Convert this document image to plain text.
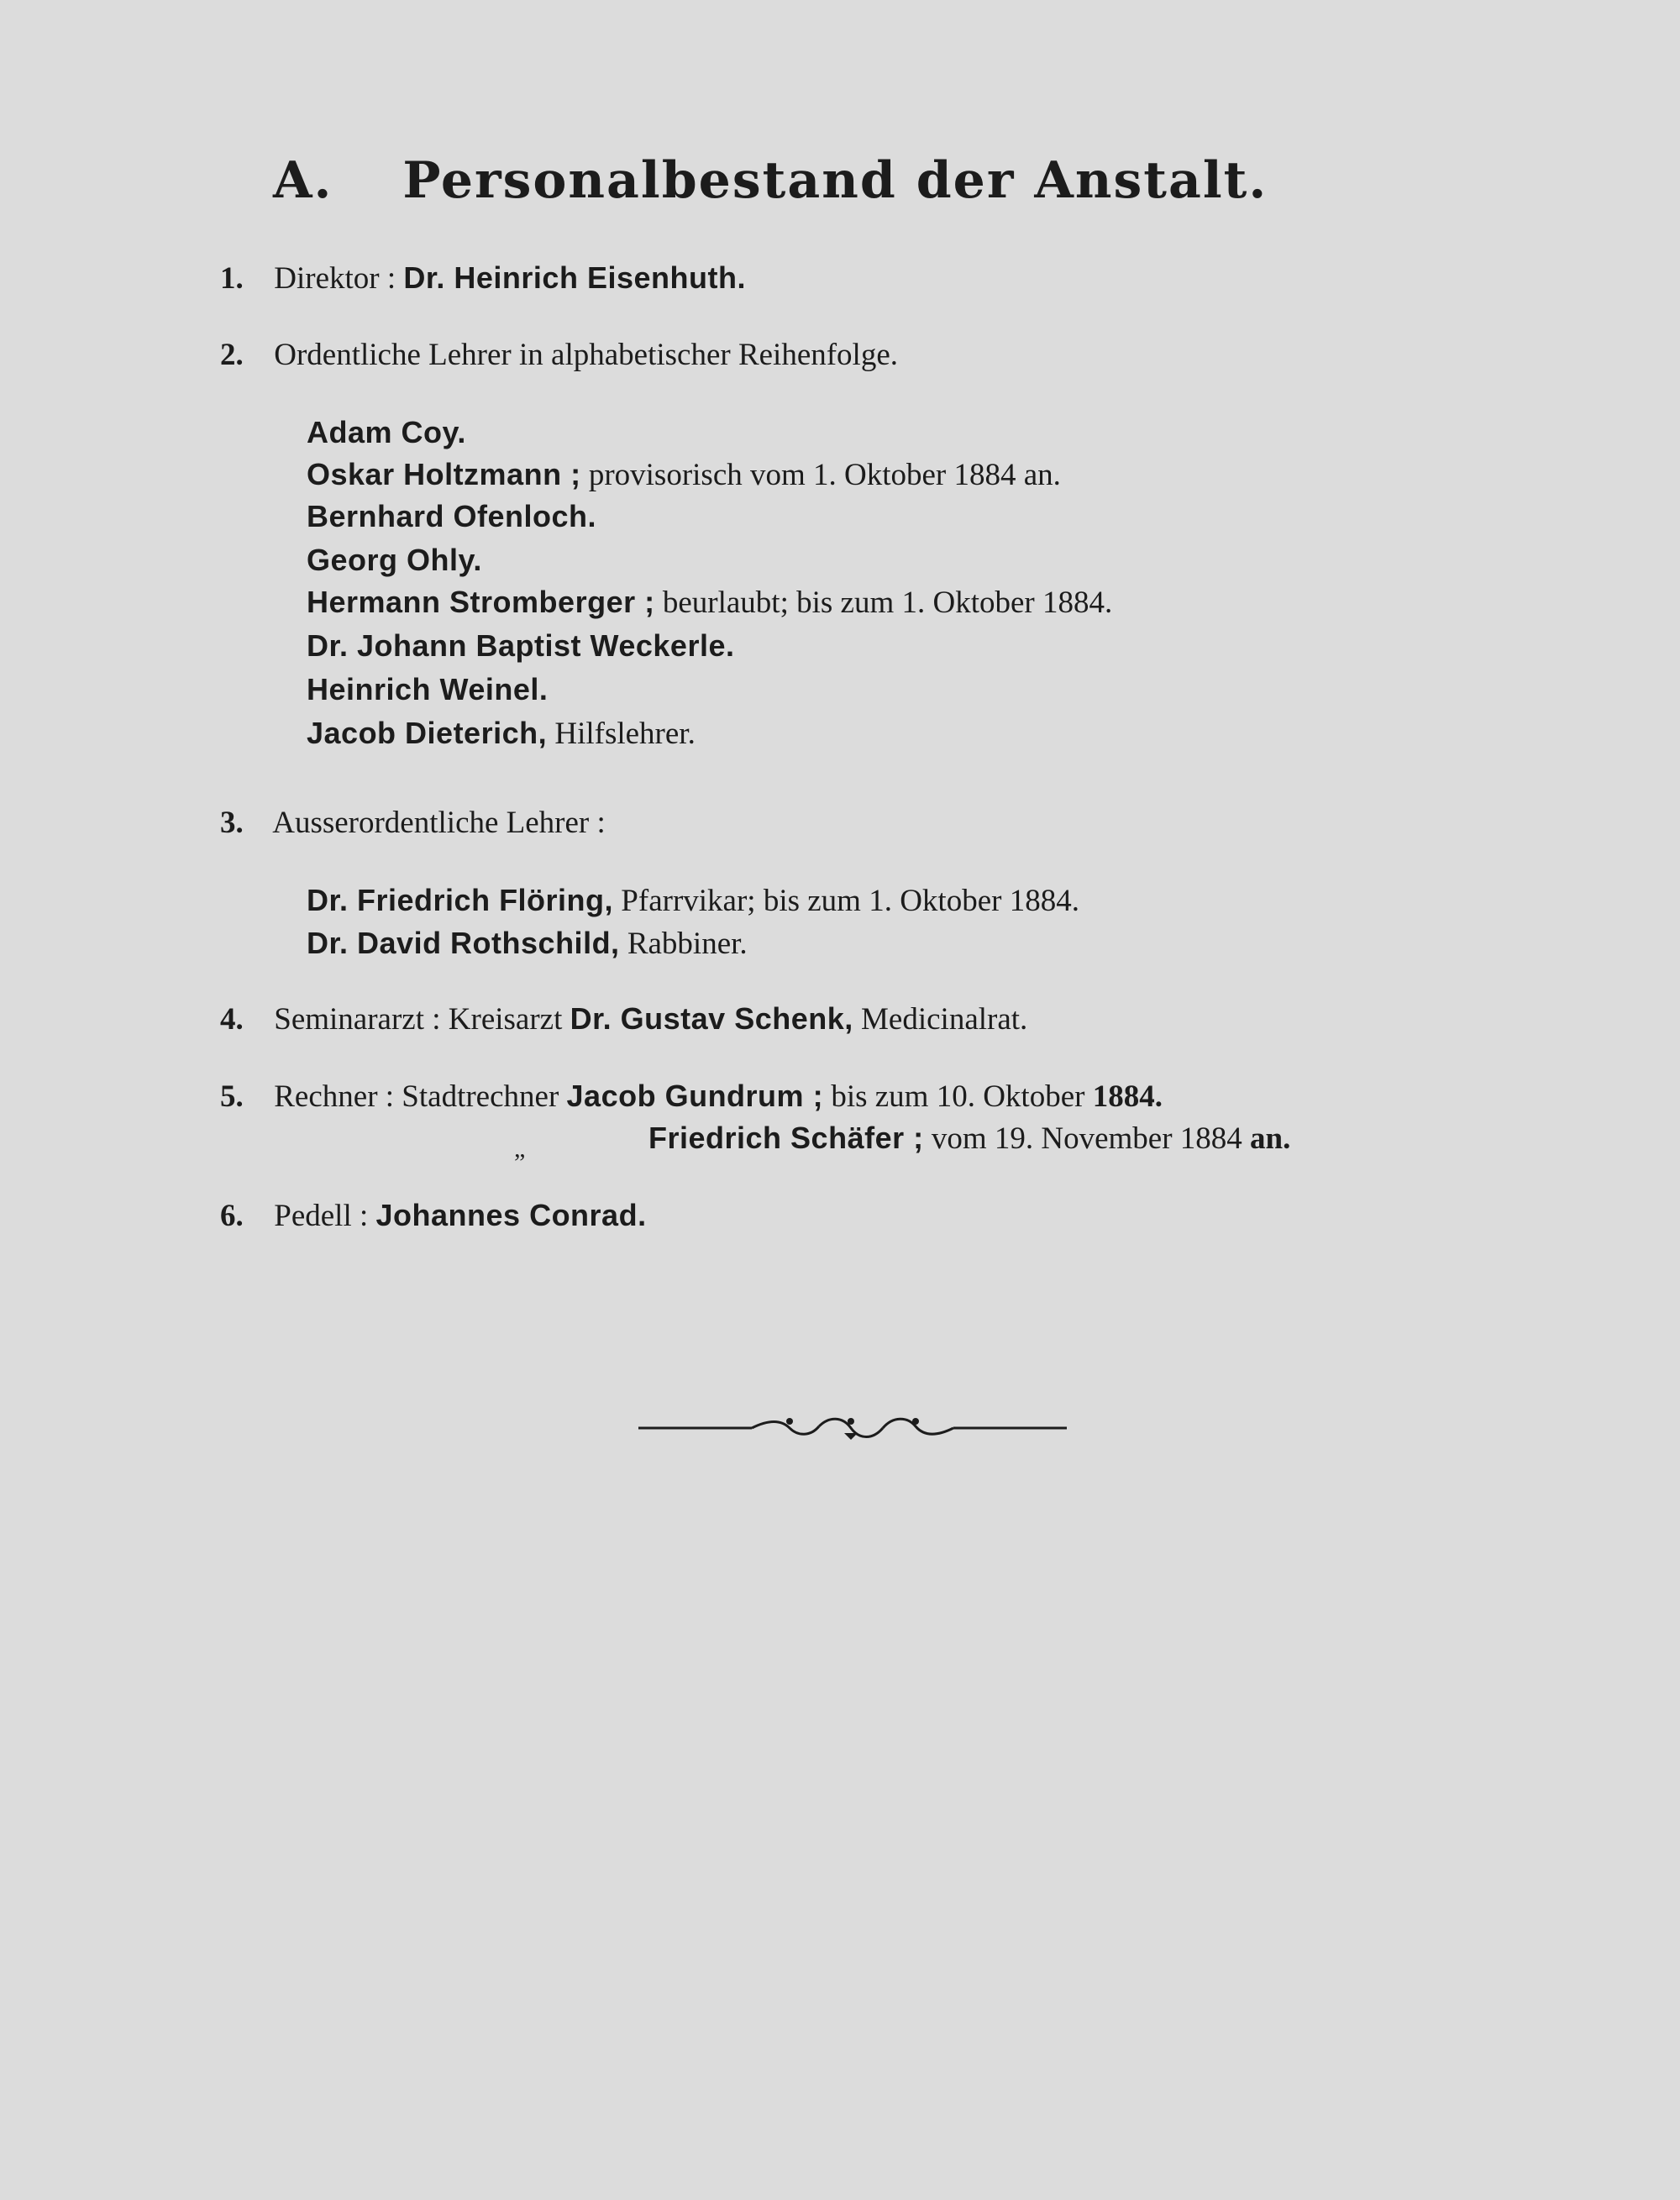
A. Personalbestand der Anstalt.
1. Direktor : Dr. Heinrich Eisenhuth.
2. Ordentliche Lehrer in alphabetischer Reihenfolge.
Adam Coy.
Oskar Holtzmann ; provisorisch vom 1. Oktober 1884 an.
Bernhard Ofenloch.
Georg Ohly.
Hermann Stromberger ; beurlaubt; bis zum 1. Oktober 1884.
Dr. Johann Baptist Weckerle.
Heinrich Weinel.
Jacob Dieterich, Hilfslehrer.
3. Ausserordentliche Lehrer :
Dr. Friedrich Flöring, Pfarrvikar; bis zum 1. Oktober 1884.
Dr. David Rothschild, Rabbiner.
4. Seminararzt : Kreisarzt Dr. Gustav Schenk, Medicinalrat.
5. Rechner : Stadtrechner Jacob Gundrum ; bis zum 10. Oktober 1884.
„	Friedrich Schäfer ; vom 19. November 1884 an.
6. Pedell : Johannes Conrad.
